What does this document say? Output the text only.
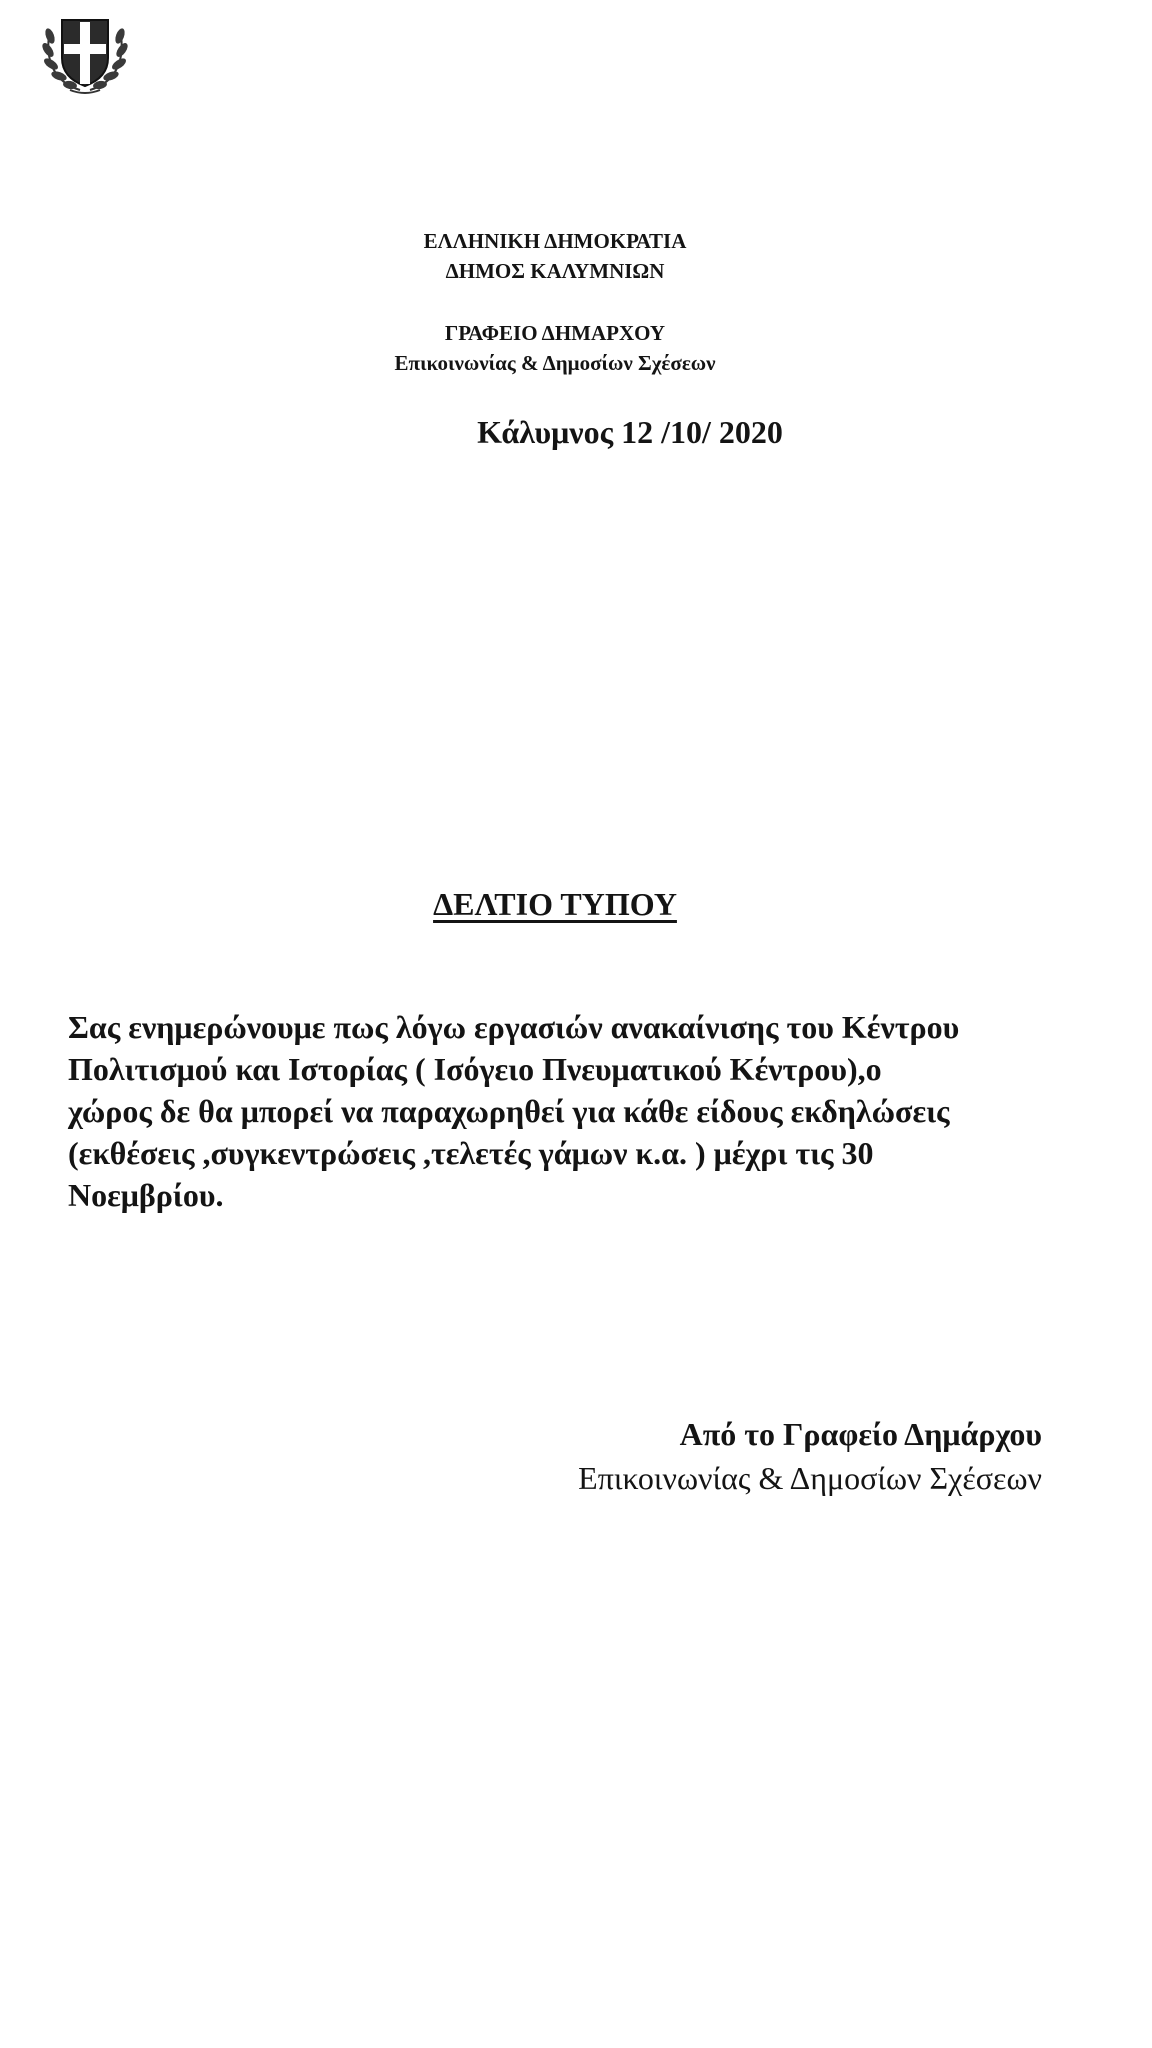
ΕΛΛΗΝΙΚΗ ΔΗΜΟΚΡΑΤΙΑ
ΔΗΜΟΣ ΚΑΛΥΜΝΙΩΝ
ΓΡΑΦΕΙΟ ΔΗΜΑΡΧΟΥ
Επικοινωνίας & Δημοσίων Σχέσεων
Κάλυμνος 12 /10/ 2020
ΔΕΛΤΙΟ ΤΥΠΟΥ
Σας ενημερώνουμε πως λόγω εργασιών ανακαίνισης του Κέντρου
Πολιτισμού και Ιστορίας ( Ισόγειο Πνευματικού Κέντρου),ο
χώρος δε θα μπορεί να παραχωρηθεί για κάθε είδους εκδηλώσεις
(εκθέσεις ,συγκεντρώσεις ,τελετές γάμων κ.α. ) μέχρι τις 30
Νοεμβρίου.
Από το Γραφείο Δημάρχου
Επικοινωνίας & Δημοσίων Σχέσεων
